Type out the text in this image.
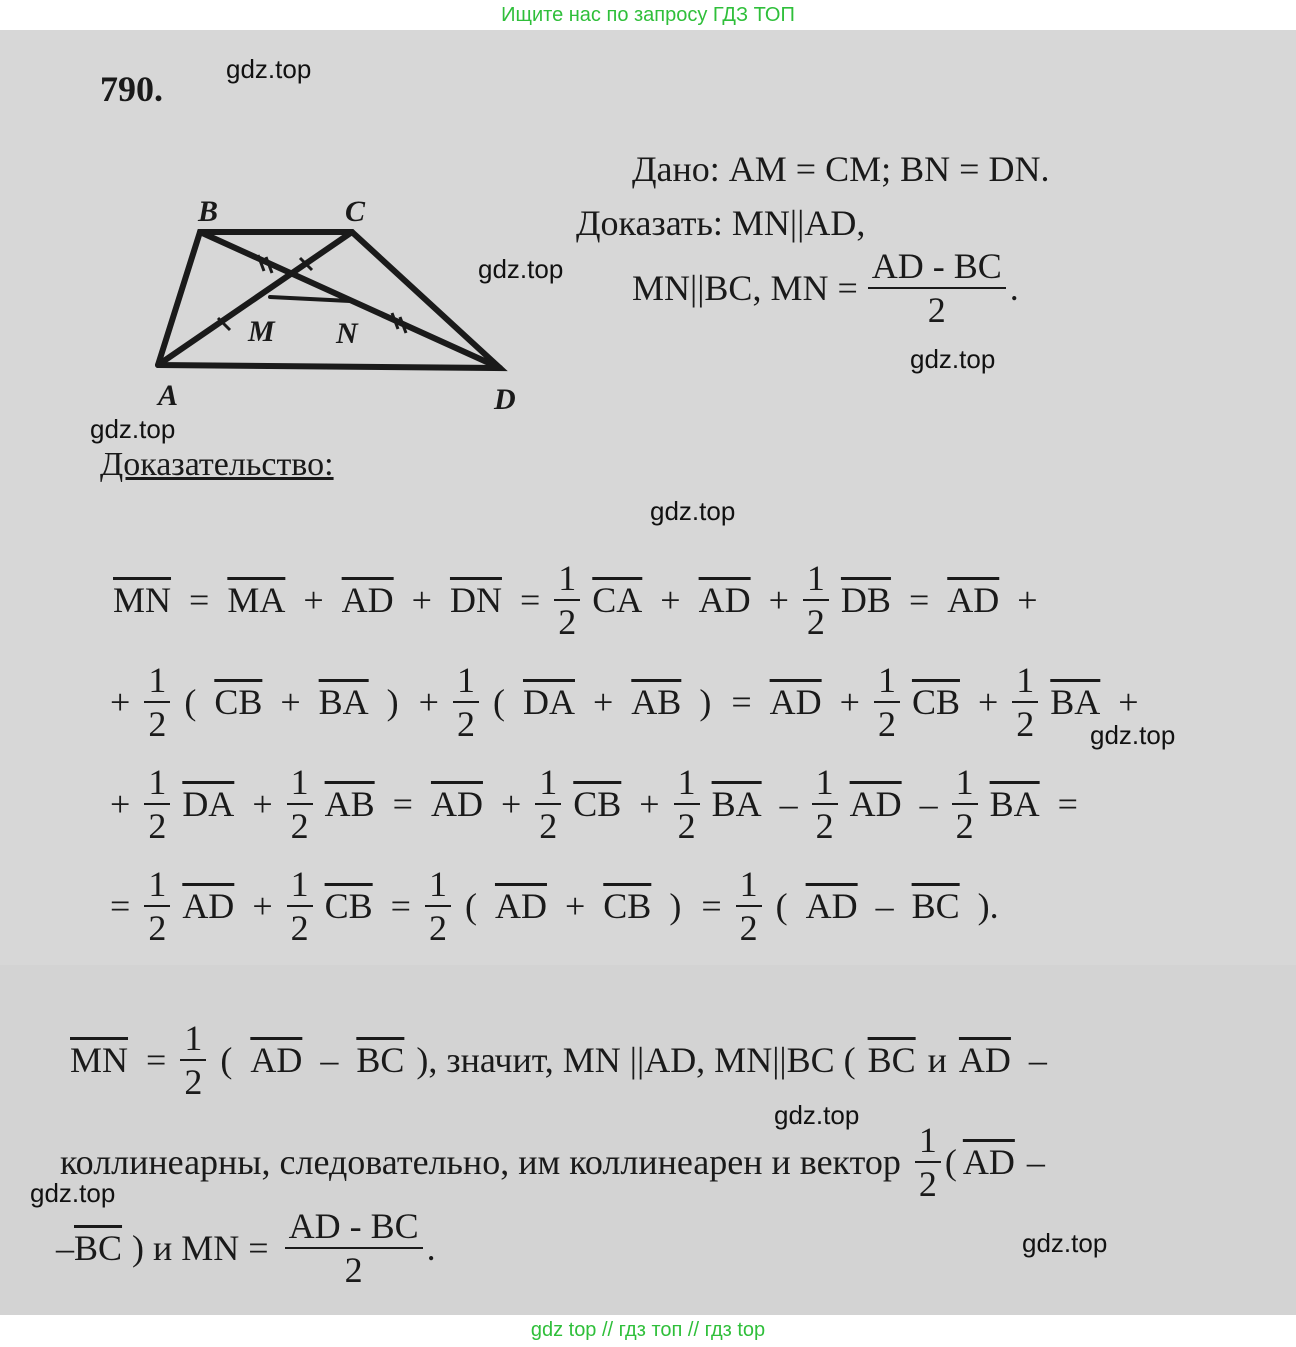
Ищите нас по запросу ГДЗ ТОП
790.
Дано: AM = CM; BN = DN.
Доказать: MN||AD,
MN||BC, MN = $\frac{AD - BC}{2}$ .
B	C
A	D
M N
Доказательство:
$\overline{MN} = \overline{MA} + \overline{AD} + \overline{DN} = \frac{1}{2} \overline{CA} + \overline{AD} + \frac{1}{2} \overline{DB} = \overline{AD}$ +
+ $\frac{1}{2}$ ( $\overline{CB} + \overline{BA}$ ) + $\frac{1}{2}$ ( $\overline{DA} + \overline{AB}$ ) = $\overline{AD} + \frac{1}{2} \overline{CB} + \frac{1}{2} \overline{BA}$ +
+ $\frac{1}{2} \overline{DA} + \frac{1}{2} \overline{AB} = \overline{AD} + \frac{1}{2} \overline{CB} + \frac{1}{2} \overline{BA} - \frac{1}{2} \overline{AD} - \frac{1}{2} \overline{BA}$ =
= $\frac{1}{2} \overline{AD} + \frac{1}{2} \overline{CB} = \frac{1}{2}$ ( $\overline{AD} + \overline{CB}$ ) = $\frac{1}{2}$ ( $\overline{AD} - \overline{BC}$ ).
$\overline{MN} = \frac{1}{2}$ ( $\overline{AD} - \overline{BC}$ ), значит, MN ||AD, MN||BC ( $\overline{BC}$ и $\overline{AD}$ –
коллинеарны, следовательно, им коллинеарен и вектор $\frac{1}{2}$ ( $\overline{AD}$ –
– $\overline{BC}$ ) и MN = $\frac{AD - BC}{2}$ .
gdz.top
gdz.top
gdz.top
gdz.top
gdz.top
gdz.top
gdz.top
gdz.top
gdz.top
gdz top // гдз топ // гдз top
